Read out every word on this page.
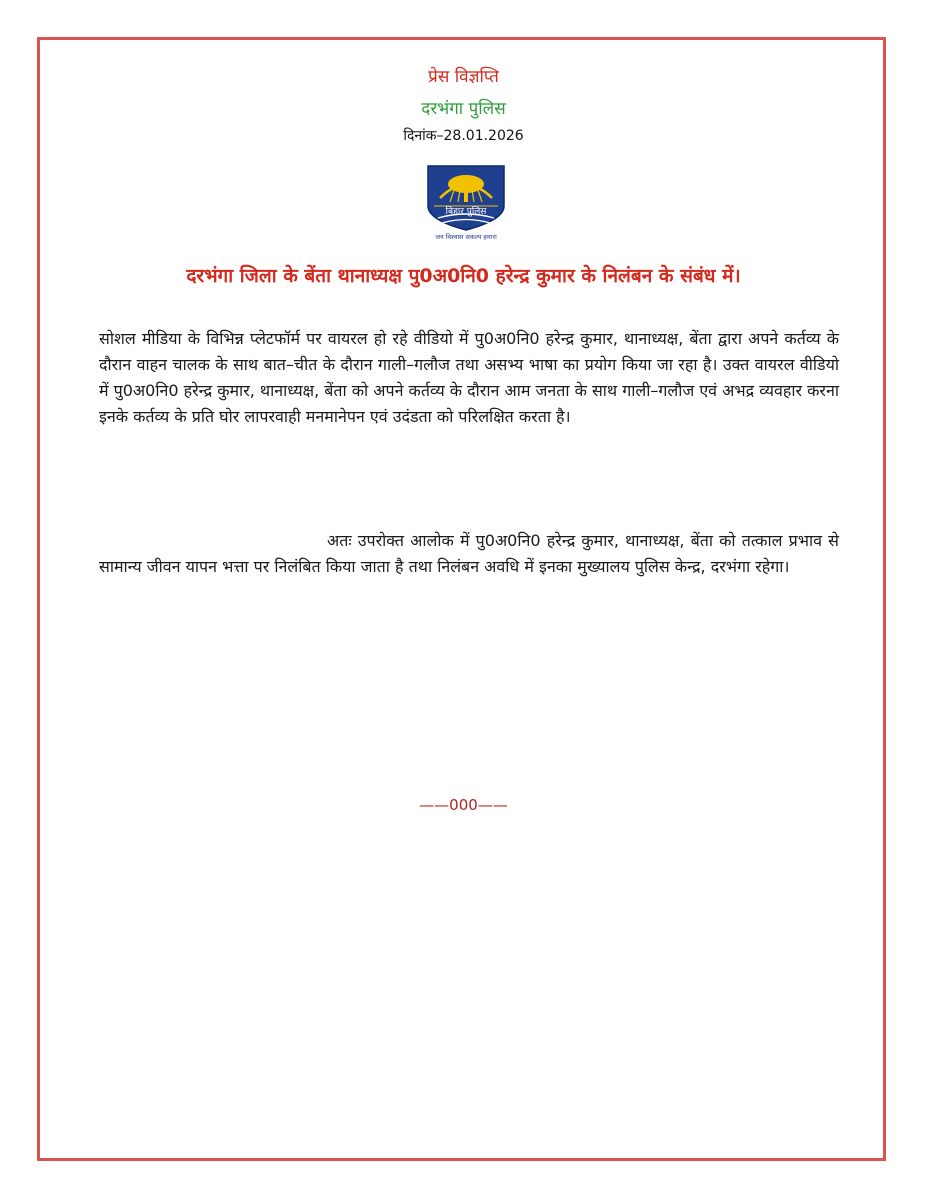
प्रेस विज्ञप्ति
दरभंगा पुलिस
दिनांक–28.01.2026
बिहार पुलिस
जन विश्वास संकल्प हमारा
दरभंगा जिला के बेंता थानाध्यक्ष पु0अ0नि0 हरेन्द्र कुमार के निलंबन के संबंध में।
सोशल मीडिया के विभिन्न प्लेटफॉर्म पर वायरल हो रहे वीडियो में पु0अ0नि0 हरेन्द्र कुमार, थानाध्यक्ष, बेंता द्वारा अपने कर्तव्य के दौरान वाहन चालक के साथ बात–चीत के दौरान गाली–गलौज तथा असभ्य भाषा का प्रयोग किया जा रहा है। उक्त वायरल वीडियो में पु0अ0नि0 हरेन्द्र कुमार, थानाध्यक्ष, बेंता को अपने कर्तव्य के दौरान आम जनता के साथ गाली–गलौज एवं अभद्र व्यवहार करना इनके कर्तव्य के प्रति घोर लापरवाही मनमानेपन एवं उदंडता को परिलक्षित करता है।
अतः उपरोक्त आलोक में पु0अ0नि0 हरेन्द्र कुमार, थानाध्यक्ष, बेंता को तत्काल प्रभाव से सामान्य जीवन यापन भत्ता पर निलंबित किया जाता है तथा निलंबन अवधि में इनका मुख्यालय पुलिस केन्द्र, दरभंगा रहेगा।
——000——
